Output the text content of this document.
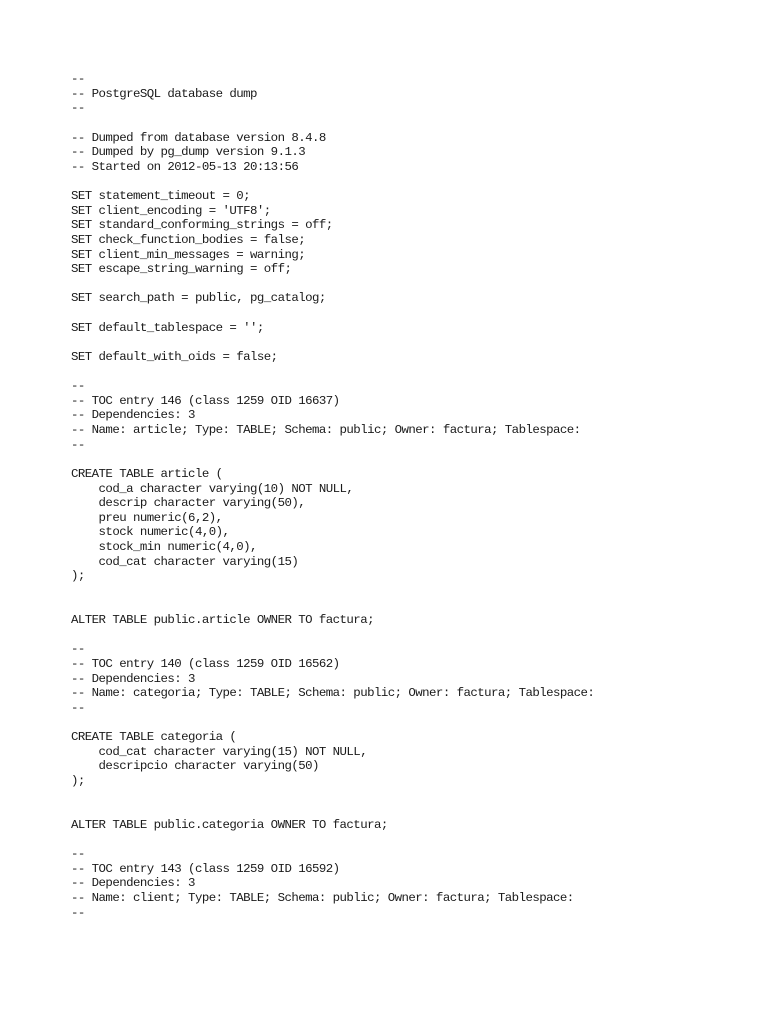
--
-- PostgreSQL database dump
--
-- Dumped from database version 8.4.8
-- Dumped by pg_dump version 9.1.3
-- Started on 2012-05-13 20:13:56
SET statement_timeout = 0;
SET client_encoding = 'UTF8';
SET standard_conforming_strings = off;
SET check_function_bodies = false;
SET client_min_messages = warning;
SET escape_string_warning = off;
SET search_path = public, pg_catalog;
SET default_tablespace = '';
SET default_with_oids = false;
--
-- TOC entry 146 (class 1259 OID 16637)
-- Dependencies: 3
-- Name: article; Type: TABLE; Schema: public; Owner: factura; Tablespace:
--
CREATE TABLE article (
cod_a character varying(10) NOT NULL,
descrip character varying(50),
preu numeric(6,2),
stock numeric(4,0),
stock_min numeric(4,0),
cod_cat character varying(15)
);
ALTER TABLE public.article OWNER TO factura;
--
-- TOC entry 140 (class 1259 OID 16562)
-- Dependencies: 3
-- Name: categoria; Type: TABLE; Schema: public; Owner: factura; Tablespace:
--
CREATE TABLE categoria (
cod_cat character varying(15) NOT NULL,
descripcio character varying(50)
);
ALTER TABLE public.categoria OWNER TO factura;
--
-- TOC entry 143 (class 1259 OID 16592)
-- Dependencies: 3
-- Name: client; Type: TABLE; Schema: public; Owner: factura; Tablespace:
--
